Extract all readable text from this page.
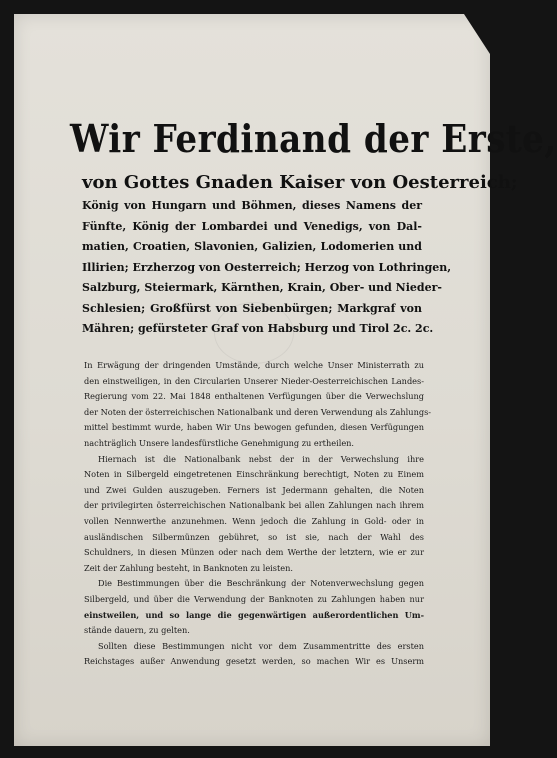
Wir Ferdinand der Erste,

von Gottes Gnaden Kaiser von Oesterreich;

König von Hungarn und Böhmen, dieses Namens der

Fünfte, König der Lombardei und Venedigs, von Dal-

matien, Croatien, Slavonien, Galizien, Lodomerien und

Illirien; Erzherzog von Oesterreich; Herzog von Lothringen,

Salzburg, Steiermark, Kärnthen, Krain, Ober- und Nieder-

Schlesien; Großfürst von Siebenbürgen; Markgraf von

Mähren; gefürsteter Graf von Habsburg und Tirol 2c. 2c.

In Erwägung der dringenden Umstände, durch welche Unser Ministerrath zu

den einstweiligen, in den Circularien Unserer Nieder-Oesterreichischen Landes-

Regierung vom 22. Mai 1848 enthaltenen Verfügungen über die Verwechslung

der Noten der österreichischen Nationalbank und deren Verwendung als Zahlungs-

mittel bestimmt wurde, haben Wir Uns bewogen gefunden, diesen Verfügungen

nachträglich Unsere landesfürstliche Genehmigung zu ertheilen.

Hiernach ist die Nationalbank nebst der in der Verwechslung ihre

Noten in Silbergeld eingetretenen Einschränkung berechtigt, Noten zu Einem

und Zwei Gulden auszugeben. Ferners ist Jedermann gehalten, die Noten

der privilegirten österreichischen Nationalbank bei allen Zahlungen nach ihrem

vollen Nennwerthe anzunehmen. Wenn jedoch die Zahlung in Gold- oder in

ausländischen Silbermünzen gebühret, so ist sie, nach der Wahl des

Schuldners, in diesen Münzen oder nach dem Werthe der letztern, wie er zur

Zeit der Zahlung besteht, in Banknoten zu leisten.

Die Bestimmungen über die Beschränkung der Notenverwechslung gegen

Silbergeld, und über die Verwendung der Banknoten zu Zahlungen haben nur

einstweilen, und so lange die gegenwärtigen außerordentlichen Um-

stände dauern, zu gelten.

Sollten diese Bestimmungen nicht vor dem Zusammentritte des ersten

Reichstages außer Anwendung gesetzt werden, so machen Wir es Unserm
